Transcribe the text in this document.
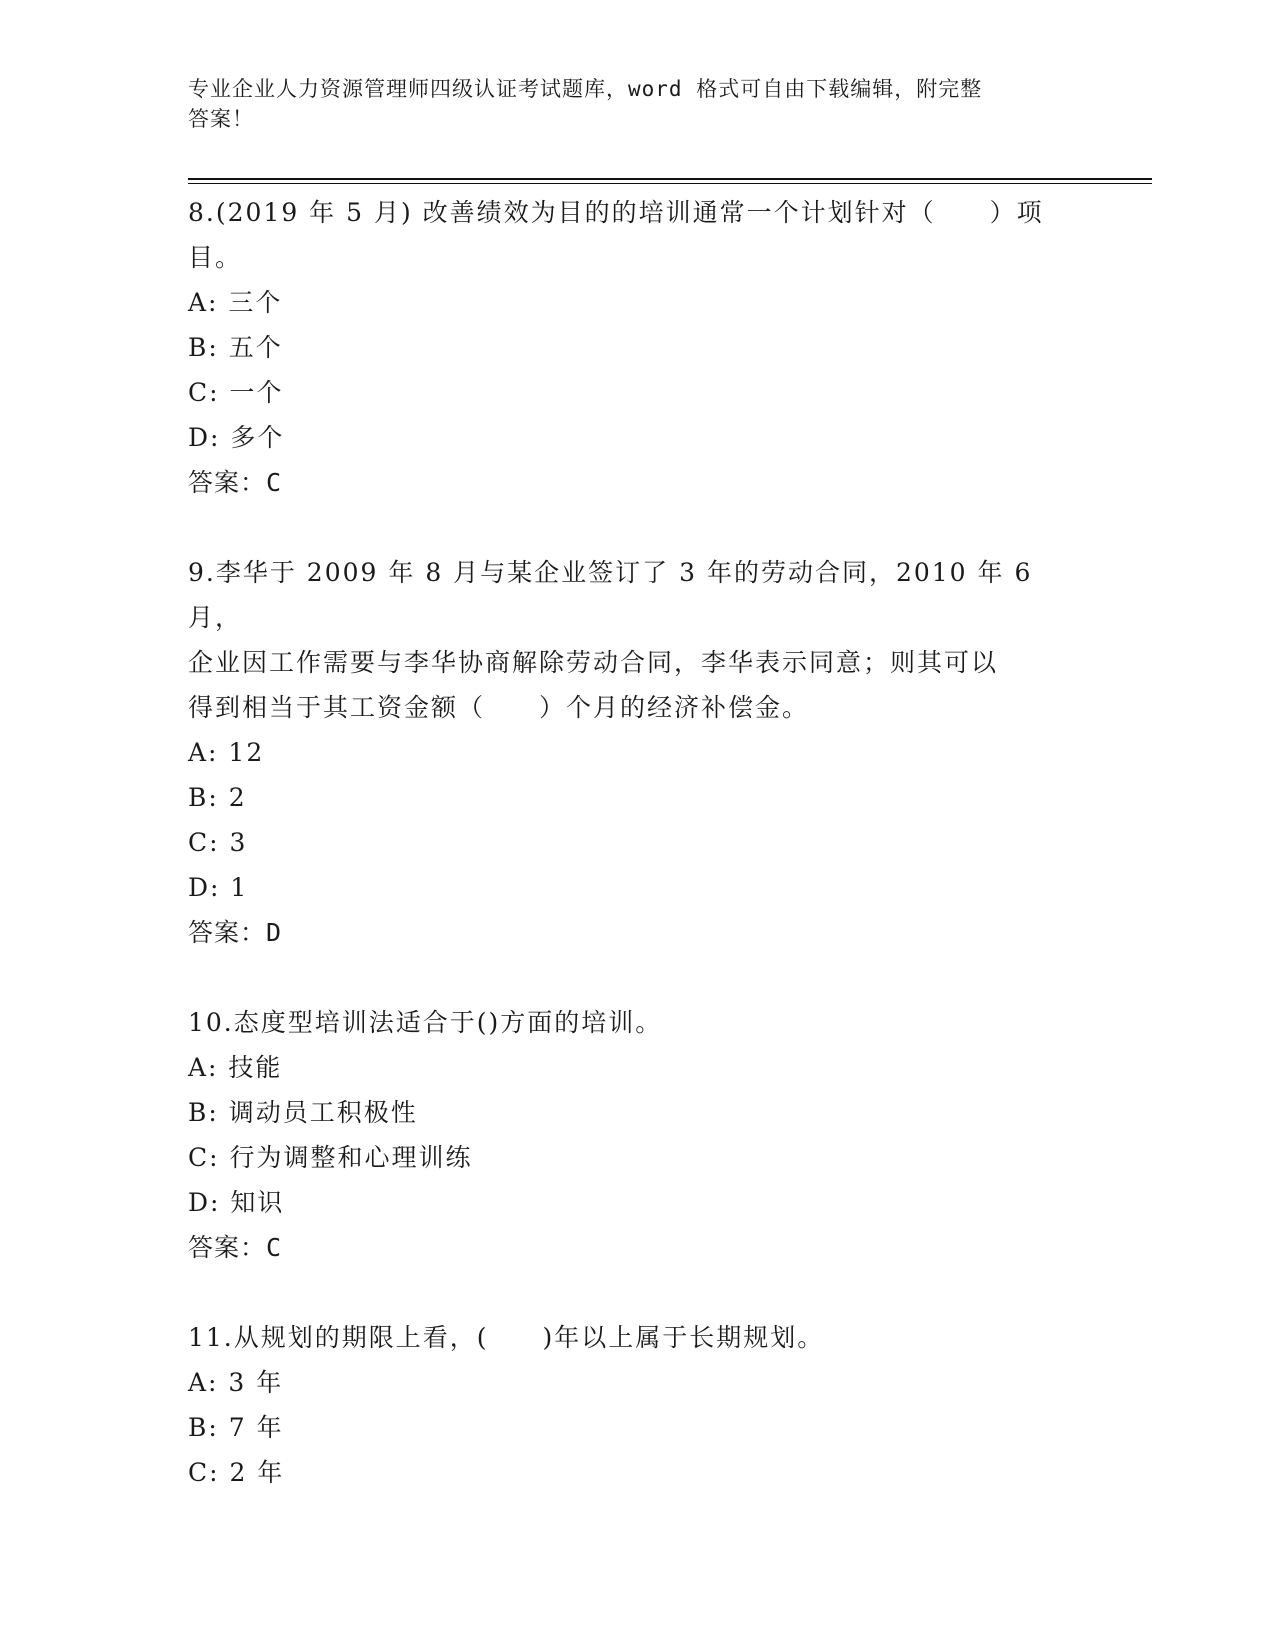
专业企业人力资源管理师四级认证考试题库，word 格式可自由下载编辑，附完整
答案！

8.(2019 年 5 月) 改善绩效为目的的培训通常一个计划针对（　　）项

目。

A: 三个

B: 五个

C: 一个

D: 多个

答案：C

9.李华于 2009 年 8 月与某企业签订了 3 年的劳动合同，2010 年 6 月，

企业因工作需要与李华协商解除劳动合同，李华表示同意；则其可以

得到相当于其工资金额（　　）个月的经济补偿金。

A: 12

B: 2

C: 3

D: 1

答案：D

10.态度型培训法适合于()方面的培训。

A: 技能

B: 调动员工积极性

C: 行为调整和心理训练

D: 知识

答案：C

11.从规划的期限上看，(　　)年以上属于长期规划。

A: 3 年

B: 7 年

C: 2 年
